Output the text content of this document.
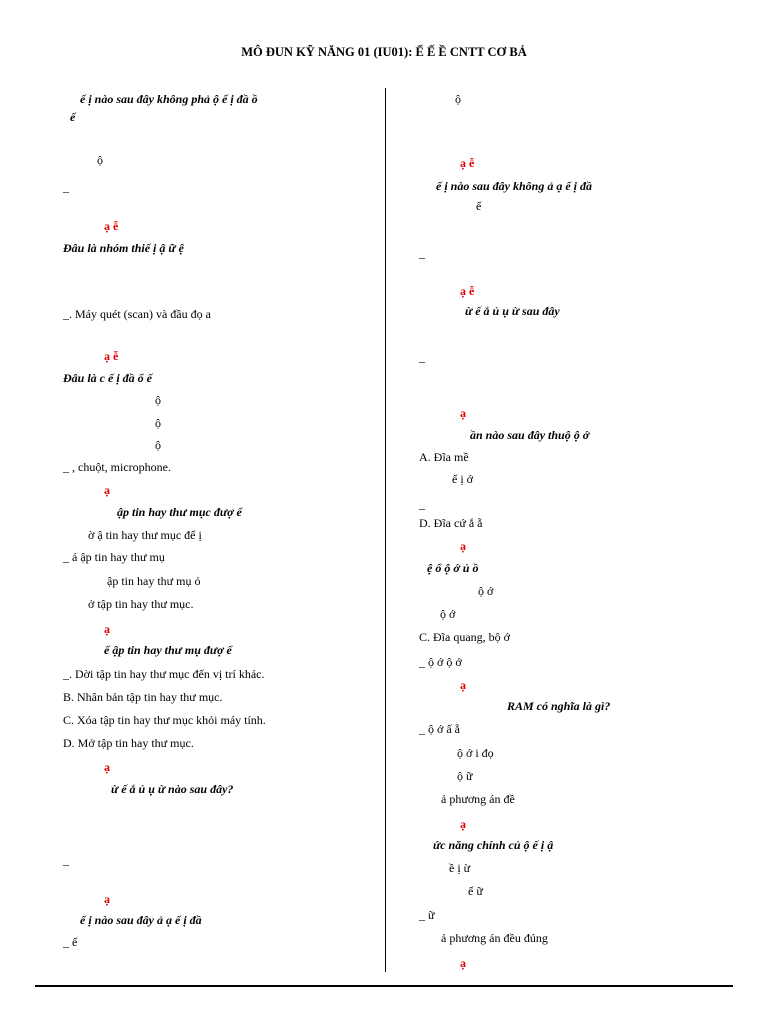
MÔ ĐUN KỸ NĂNG 01 (IU01): Ế Ế Ề CNTT CƠ BẢ
ế ị nào sau đây không phả ộ ế ị đầ ồ
ế
ộ
_
ạ ễ
Đâu là nhóm thiế ị ậ ữ ệ
_. Máy quét (scan) và đầu đọ a
ạ ễ
Đâu là c ế ị đầ ổ ế
ộ
ộ
ộ
_ , chuột, microphone.
ạ
ập tin hay thư mục đượ ể
ờ ậ tin hay thư mục để ị
_ á ập tin hay thư mụ
ập tin hay thư mụ ỏ
ở tập tin hay thư mục.
ạ
ế ập tin hay thư mụ đượ ể
_. Dời tập tin hay thư mục đến vị trí khác.
B. Nhân bản tập tin hay thư mục.
C. Xóa tập tin hay thư mục khỏi máy tính.
D. Mở tập tin hay thư mục.
ạ
ừ ế ắ ủ ụ ừ nào sau đây?
_
ạ
ế ị nào sau đây ả ạ ế ị đầ
_ ế
ộ
ạ ễ
ế ị nào sau đây không ả ạ ế ị đầ
ế
_
ạ ễ
ừ ế ắ ủ ụ ừ sau đây
_
ạ
ần nào sau đây thuộ ộ ớ
A. Đĩa mề
ế ị ớ
_
D. Đĩa cứ ắ ẵ
ạ
ệ ổ ộ ớ ủ ồ
ộ ớ
ộ ớ
C. Đĩa quang, bộ ớ
_ ộ ớ ộ ớ
ạ
RAM có nghĩa là gì?
_ ộ ớ ấ ẵ
ộ ớ i đọ
ộ ữ
ả phương án đề
ạ
ức năng chính củ ộ ế ị ậ
ề ị ừ
ế ữ
_ ữ
ả phương án đều đúng
ạ
